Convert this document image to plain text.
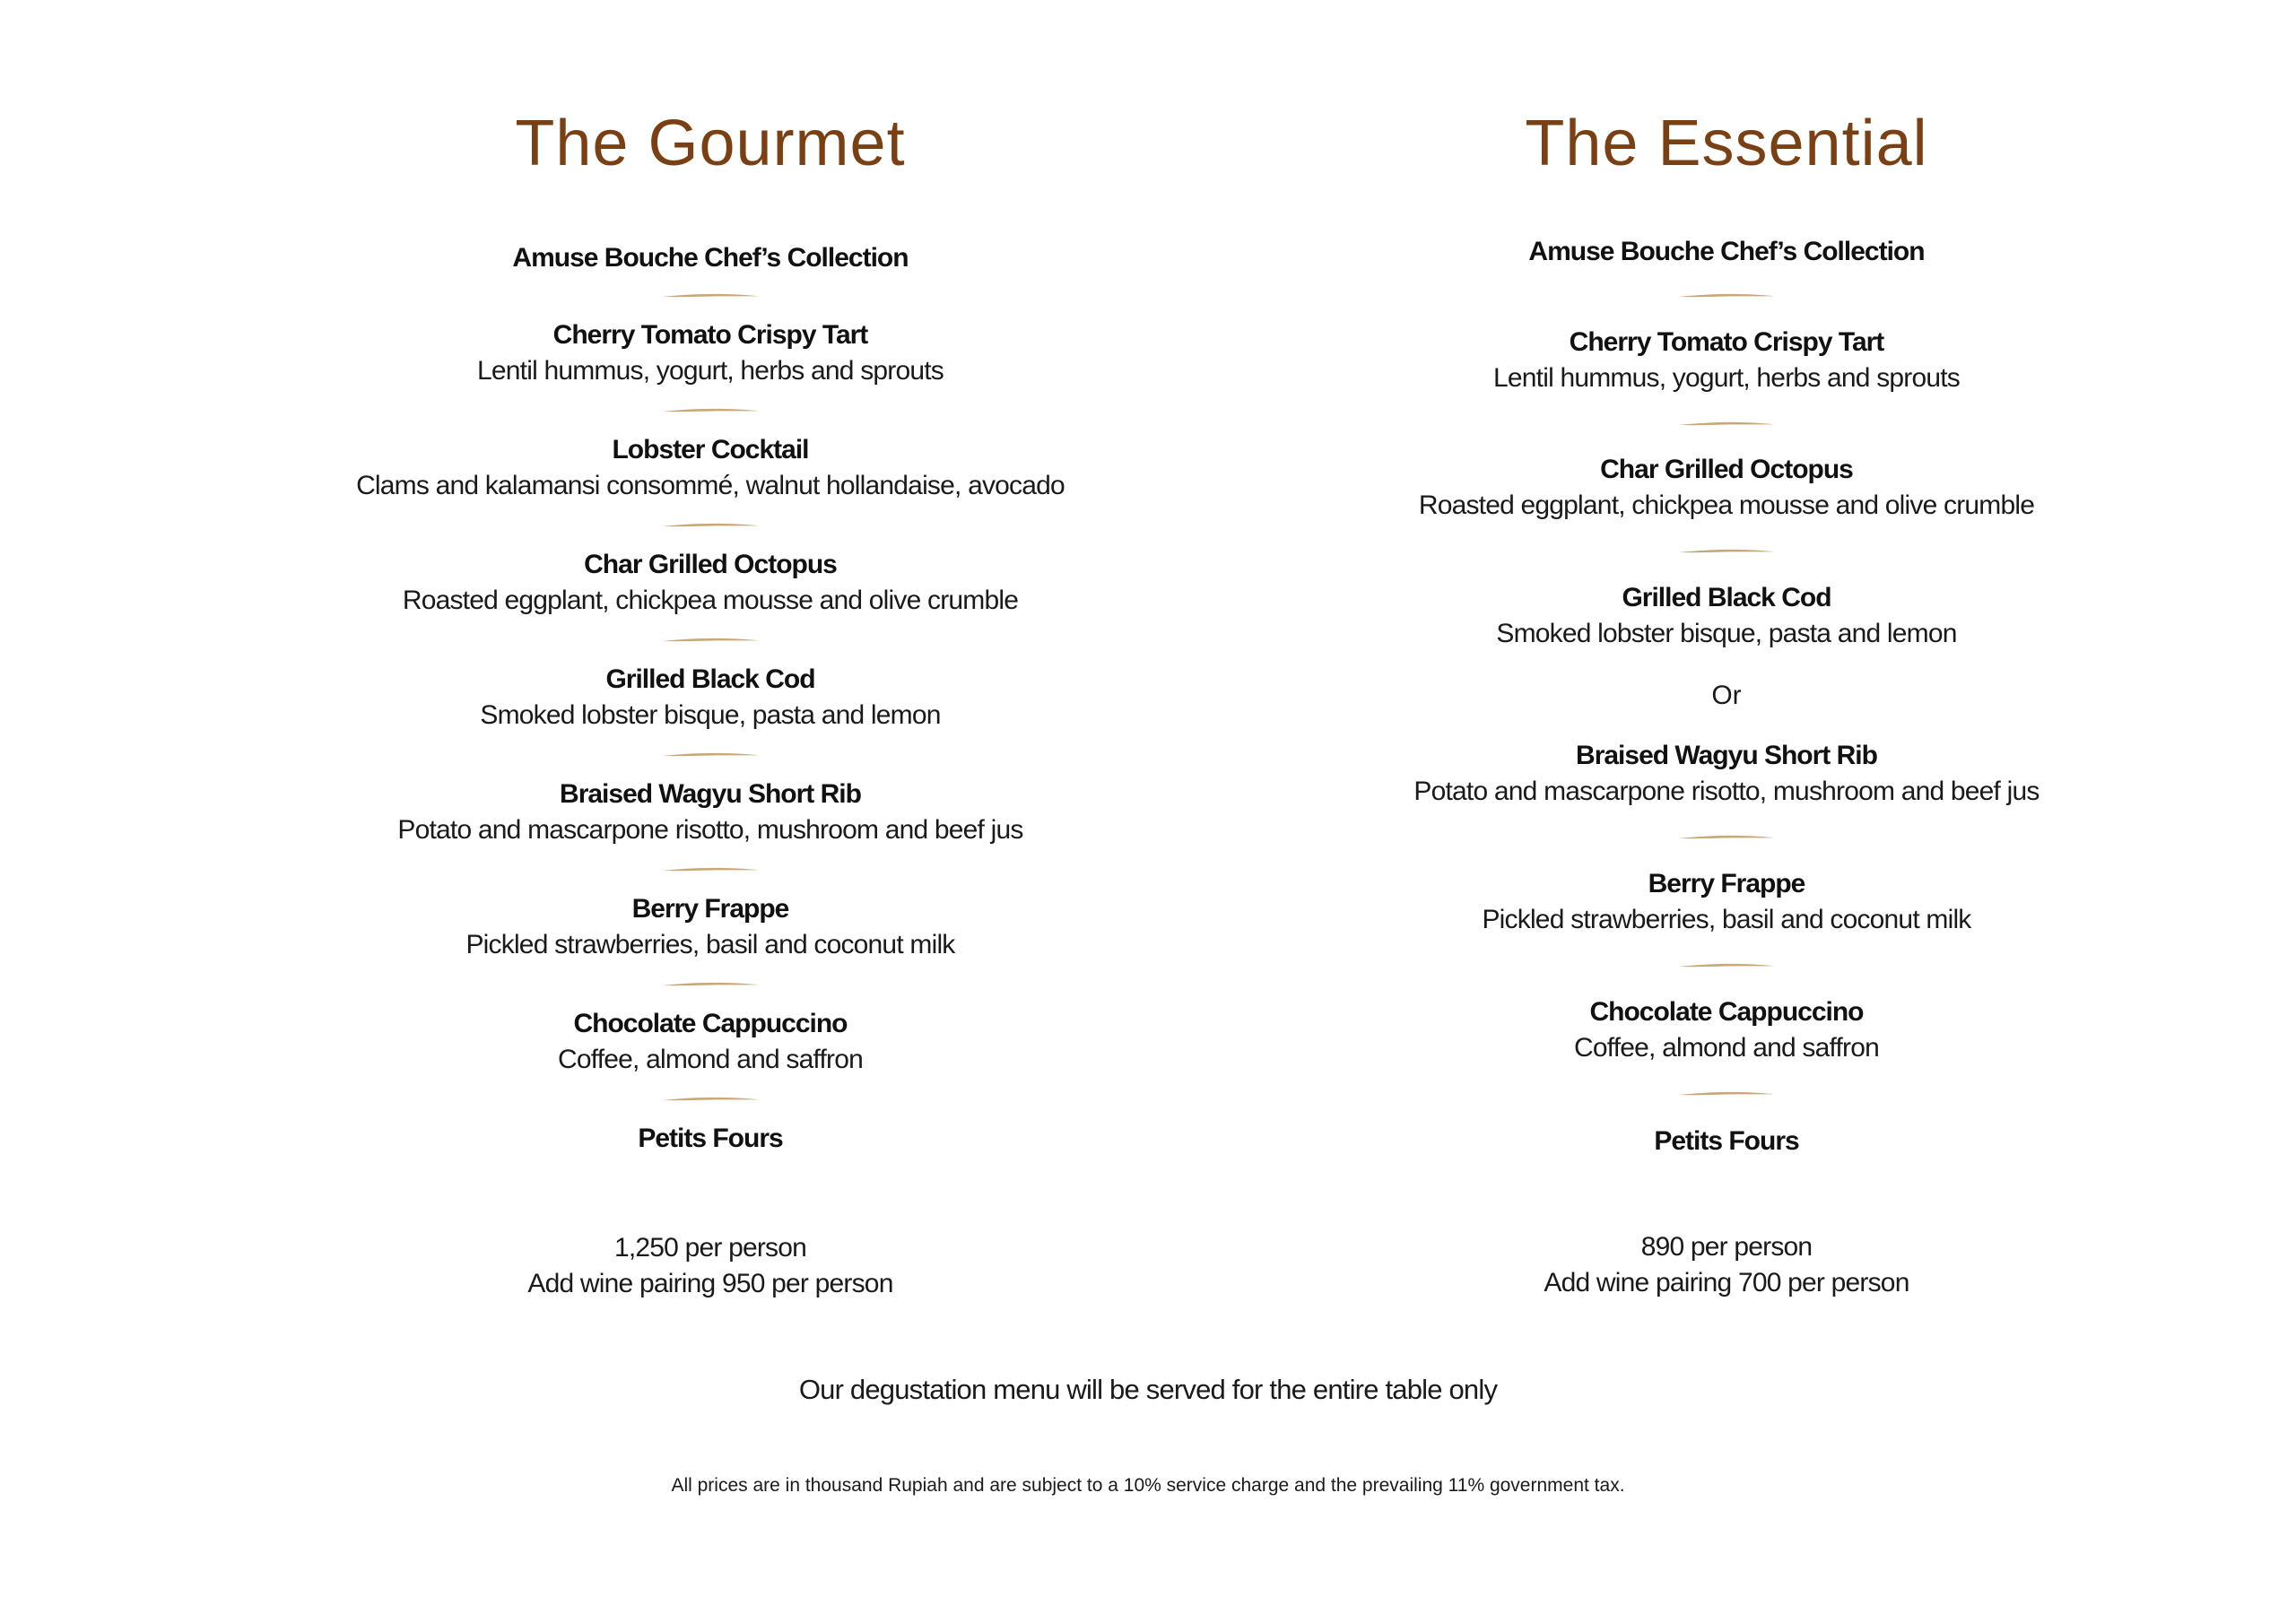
The Gourmet
Amuse Bouche Chef’s Collection
Cherry Tomato Crispy Tart
Lentil hummus, yogurt, herbs and sprouts
Lobster Cocktail
Clams and kalamansi consommé, walnut hollandaise, avocado
Char Grilled Octopus
Roasted eggplant, chickpea mousse and olive crumble
Grilled Black Cod
Smoked lobster bisque, pasta and lemon
Braised Wagyu Short Rib
Potato and mascarpone risotto, mushroom and beef jus
Berry Frappe
Pickled strawberries, basil and coconut milk
Chocolate Cappuccino
Coffee, almond and saffron
Petits Fours
1,250 per person
Add wine pairing 950 per person
The Essential
Amuse Bouche Chef’s Collection
Cherry Tomato Crispy Tart
Lentil hummus, yogurt, herbs and sprouts
Char Grilled Octopus
Roasted eggplant, chickpea mousse and olive crumble
Grilled Black Cod
Smoked lobster bisque, pasta and lemon
Or
Braised Wagyu Short Rib
Potato and mascarpone risotto, mushroom and beef jus
Berry Frappe
Pickled strawberries, basil and coconut milk
Chocolate Cappuccino
Coffee, almond and saffron
Petits Fours
890 per person
Add wine pairing 700 per person
Our degustation menu will be served for the entire table only
All prices are in thousand Rupiah and are subject to a 10% service charge and the prevailing 11% government tax.
